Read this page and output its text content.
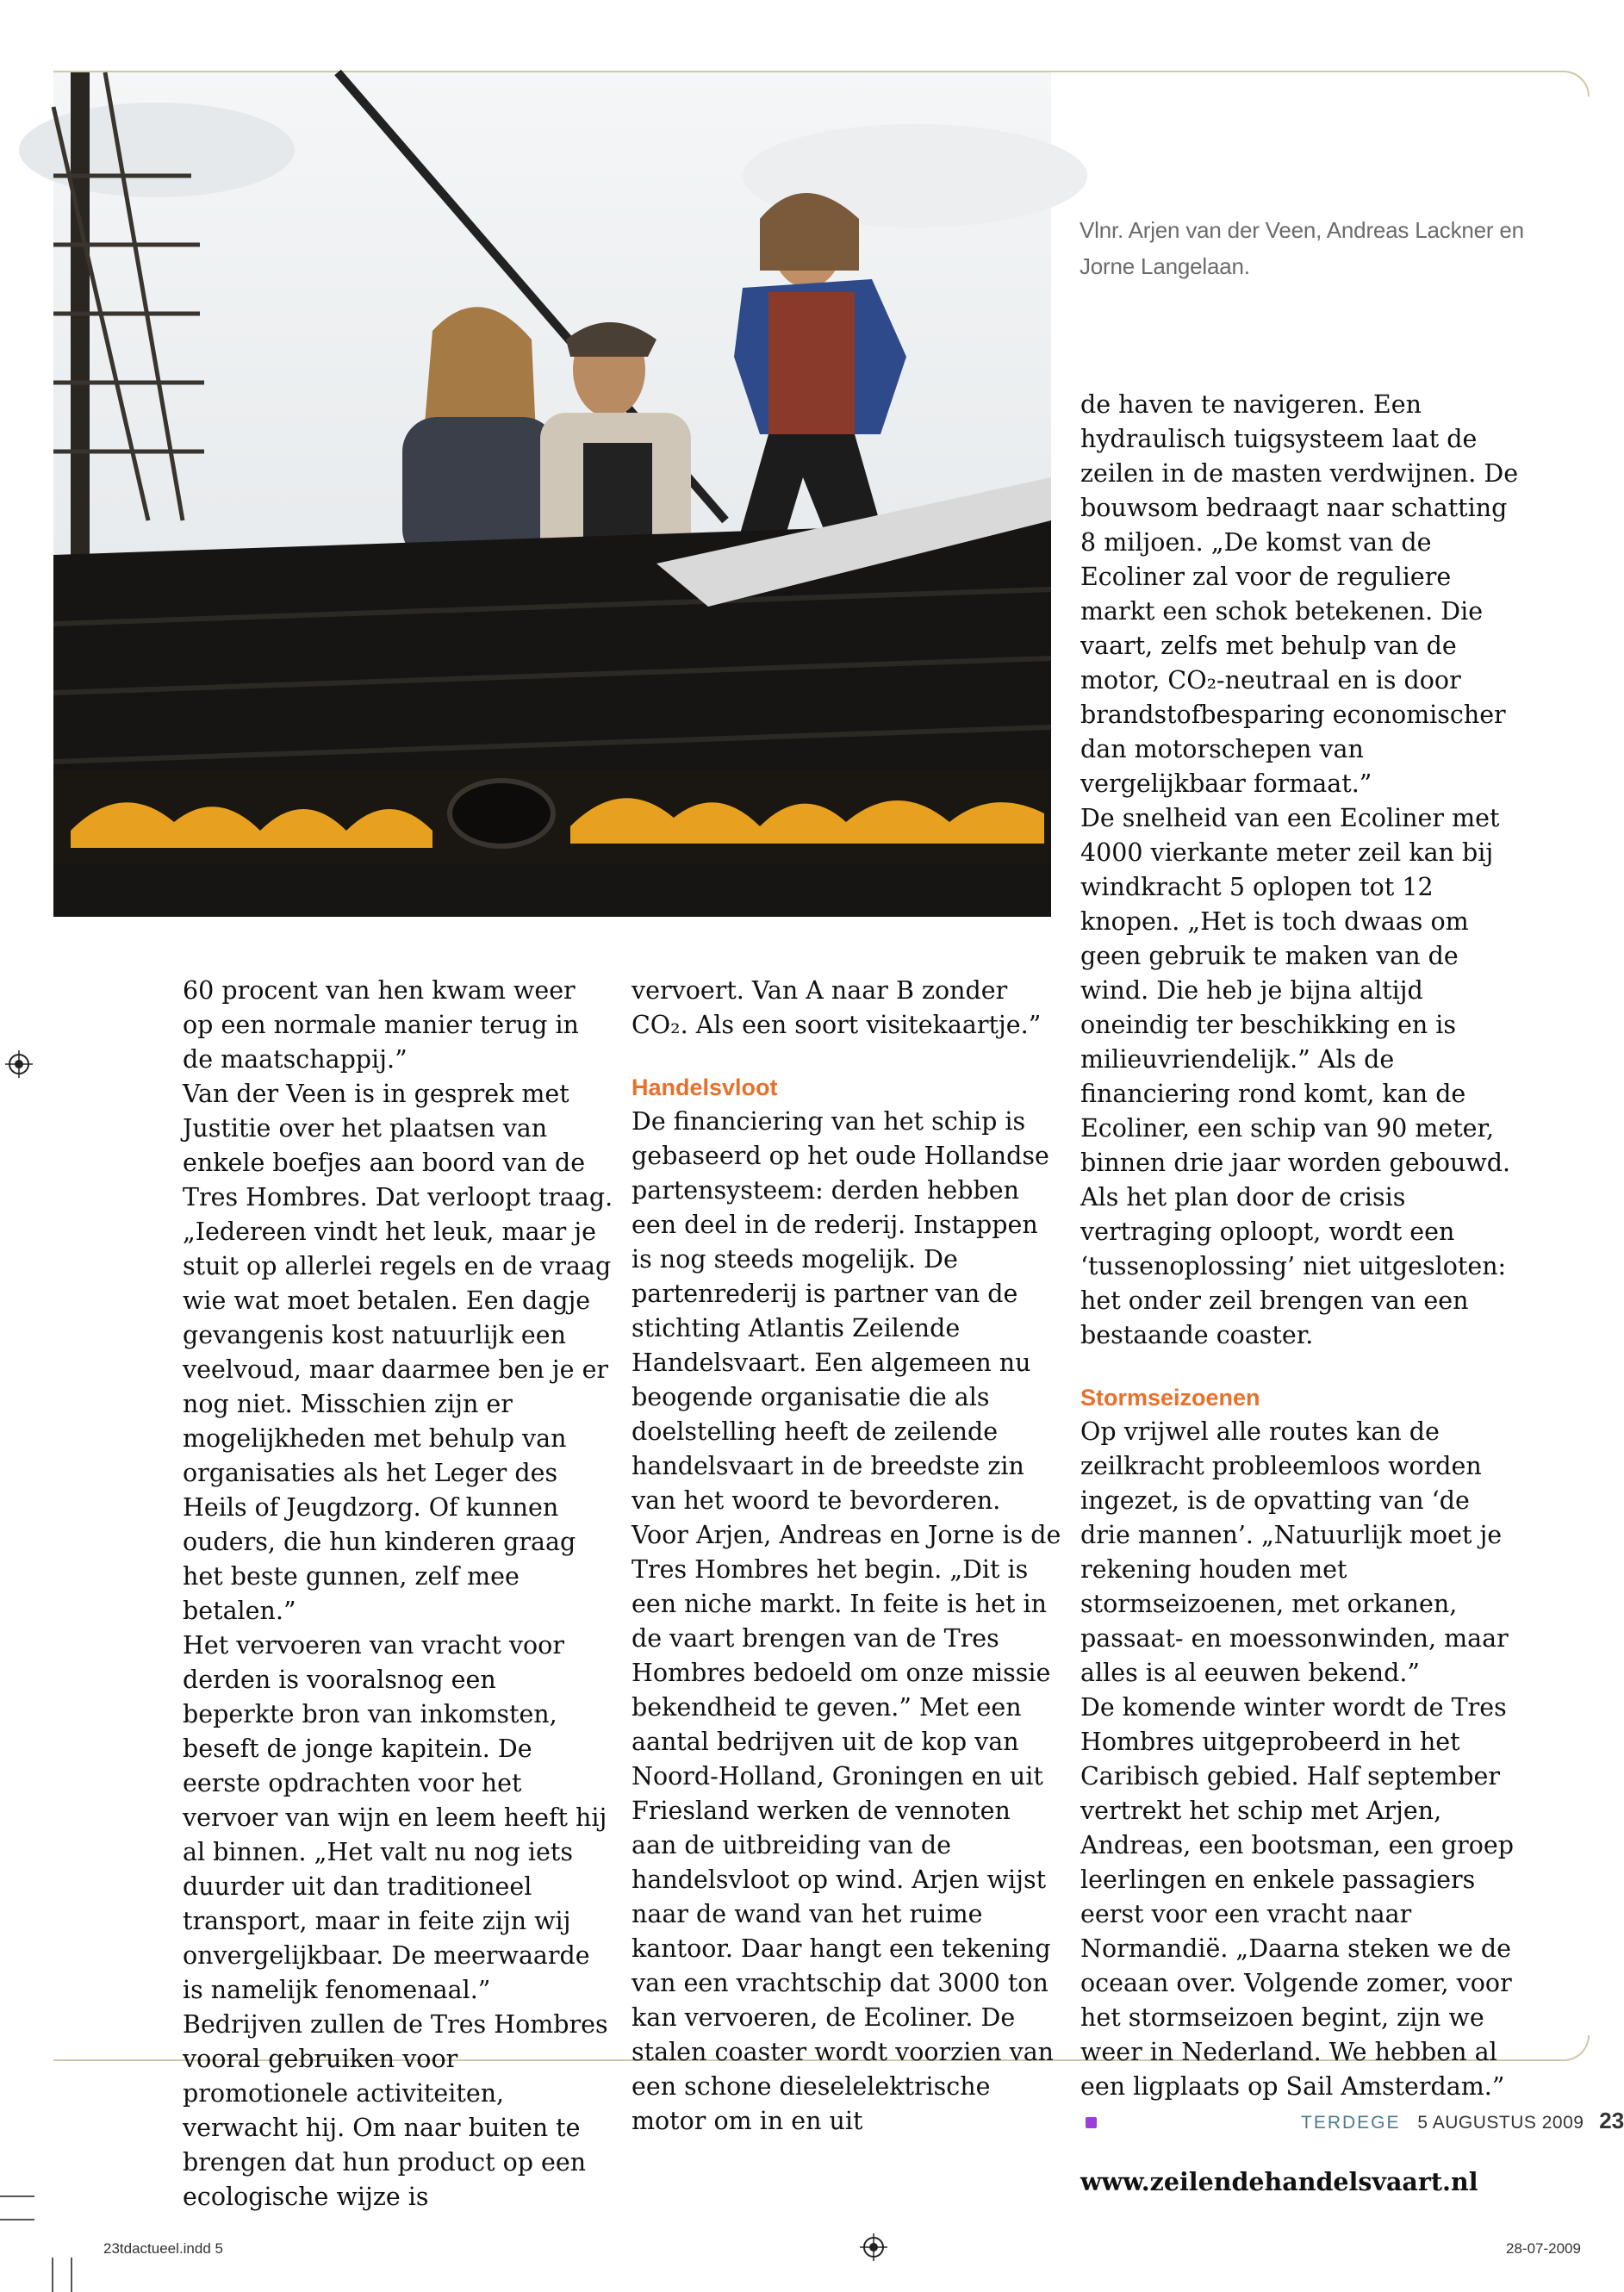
Vlnr. Arjen van der Veen, Andreas Lackner en Jorne Langelaan.

60 procent van hen kwam weer op een normale manier terug in de maatschappij.”

Van der Veen is in gesprek met Justitie over het plaatsen van enkele boefjes aan boord van de Tres Hombres. Dat verloopt traag. „Iedereen vindt het leuk, maar je stuit op allerlei regels en de vraag wie wat moet betalen. Een dagje gevangenis kost natuurlijk een veelvoud, maar daarmee ben je er nog niet. Misschien zijn er mogelijkheden met behulp van organisaties als het Leger des Heils of Jeugdzorg. Of kunnen ouders, die hun kinderen graag het beste gunnen, zelf mee betalen.”

Het vervoeren van vracht voor derden is vooralsnog een beperkte bron van inkomsten, beseft de jonge kapitein. De eerste opdrachten voor het vervoer van wijn en leem heeft hij al binnen. „Het valt nu nog iets duurder uit dan traditioneel transport, maar in feite zijn wij onvergelijkbaar. De meerwaarde is namelijk fenomenaal.” Bedrijven zullen de Tres Hombres vooral gebruiken voor promotionele activiteiten, verwacht hij. Om naar buiten te brengen dat hun product op een ecologische wijze is

vervoert. Van A naar B zonder CO₂. Als een soort visitekaartje.”

Handelsvloot

De financiering van het schip is gebaseerd op het oude Hollandse partensysteem: derden hebben een deel in de rederij. Instappen is nog steeds mogelijk. De partenrederij is partner van de stichting Atlantis Zeilende Handelsvaart. Een algemeen nu beogende organisatie die als doelstelling heeft de zeilende handelsvaart in de breedste zin van het woord te bevorderen.

Voor Arjen, Andreas en Jorne is de Tres Hombres het begin. „Dit is een niche markt. In feite is het in de vaart brengen van de Tres Hombres bedoeld om onze missie bekendheid te geven.” Met een aantal bedrijven uit de kop van Noord-Holland, Groningen en uit Friesland werken de vennoten aan de uitbreiding van de handelsvloot op wind. Arjen wijst naar de wand van het ruime kantoor. Daar hangt een tekening van een vrachtschip dat 3000 ton kan vervoeren, de Ecoliner. De stalen coaster wordt voorzien van een schone dieselelektrische motor om in en uit

de haven te navigeren. Een hydraulisch tuigsysteem laat de zeilen in de masten verdwijnen. De bouwsom bedraagt naar schatting 8 miljoen. „De komst van de Ecoliner zal voor de reguliere markt een schok betekenen. Die vaart, zelfs met behulp van de motor, CO₂-neutraal en is door brandstofbesparing economischer dan motorschepen van vergelijkbaar formaat.”

De snelheid van een Ecoliner met 4000 vierkante meter zeil kan bij windkracht 5 oplopen tot 12 knopen. „Het is toch dwaas om geen gebruik te maken van de wind. Die heb je bijna altijd oneindig ter beschikking en is milieuvriendelijk.” Als de financiering rond komt, kan de Ecoliner, een schip van 90 meter, binnen drie jaar worden gebouwd. Als het plan door de crisis vertraging oploopt, wordt een ‘tussenoplossing’ niet uitgesloten: het onder zeil brengen van een bestaande coaster.

Stormseizoenen

Op vrijwel alle routes kan de zeilkracht probleemloos worden ingezet, is de opvatting van ‘de drie mannen’. „Natuurlijk moet je rekening houden met stormseizoenen, met orkanen, passaat- en moessonwinden, maar alles is al eeuwen bekend.”

De komende winter wordt de Tres Hombres uitgeprobeerd in het Caribisch gebied. Half september vertrekt het schip met Arjen, Andreas, een bootsman, een groep leerlingen en enkele passagiers eerst voor een vracht naar Normandië. „Daarna steken we de oceaan over. Volgende zomer, voor het stormseizoen begint, zijn we weer in Nederland. We hebben al een ligplaats op Sail Amsterdam.”

www.zeilendehandelsvaart.nl

TERDEGE 5 AUGUSTUS 2009 23
23tdactueel.indd 5	28-07-2009
